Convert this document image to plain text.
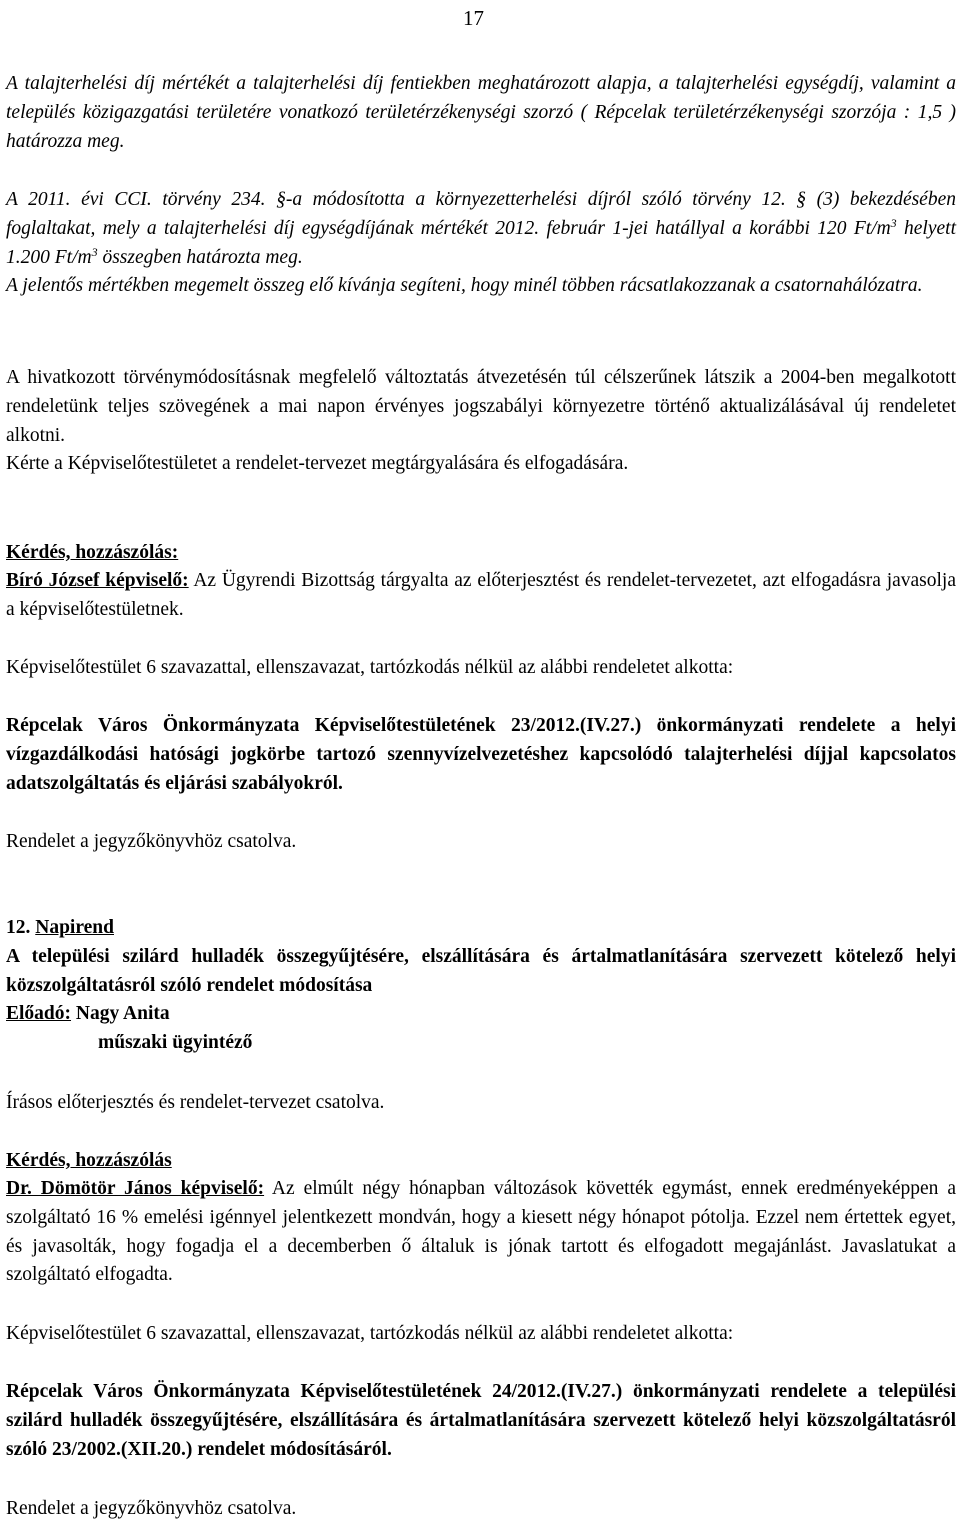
17

A talajterhelési díj mértékét a talajterhelési díj fentiekben meghatározott alapja, a talajterhelési egységdíj, valamint a település közigazgatási területére vonatkozó területérzékenységi szorzó ( Répcelak területérzékenységi szorzója : 1,5 ) határozza meg.

A 2011. évi CCI. törvény 234. §-a módosította a környezetterhelési díjról szóló törvény 12. § (3) bekezdésében foglaltakat, mely a talajterhelési díj egységdíjának mértékét 2012. február 1-jei hatállyal a korábbi 120 $Ft/m^3$ helyett 1.200 $Ft/m^3$ összegben határozta meg.

A jelentős mértékben megemelt összeg elő kívánja segíteni, hogy minél többen rácsatlakozzanak a csatornahálózatra.

A hivatkozott törvénymódosításnak megfelelő változtatás átvezetésén túl célszerűnek látszik a 2004-ben megalkotott rendeletünk teljes szövegének a mai napon érvényes jogszabályi környezetre történő aktualizálásával új rendeletet alkotni.

Kérte a Képviselőtestületet a rendelet-tervezet megtárgyalására és elfogadására.

Kérdés, hozzászólás:

Bíró József képviselő: Az Ügyrendi Bizottság tárgyalta az előterjesztést és rendelet-tervezetet, azt elfogadásra javasolja a képviselőtestületnek.

Képviselőtestület 6 szavazattal, ellenszavazat, tartózkodás nélkül az alábbi rendeletet alkotta:

Répcelak Város Önkormányzata Képviselőtestületének 23/2012.(IV.27.) önkormányzati rendelete a helyi vízgazdálkodási hatósági jogkörbe tartozó szennyvízelvezetéshez kapcsolódó talajterhelési díjjal kapcsolatos adatszolgáltatás és eljárási szabályokról.

Rendelet a jegyzőkönyvhöz csatolva.

12. Napirend

A települési szilárd hulladék összegyűjtésére, elszállítására és ártalmatlanítására szervezett kötelező helyi közszolgáltatásról szóló rendelet módosítása

Előadó: Nagy Anita

műszaki ügyintéző

Írásos előterjesztés és rendelet-tervezet csatolva.

Kérdés, hozzászólás

Dr. Dömötör János képviselő: Az elmúlt négy hónapban változások követték egymást, ennek eredményeképpen a szolgáltató 16 % emelési igénnyel jelentkezett mondván, hogy a kiesett négy hónapot pótolja. Ezzel nem értettek egyet, és javasolták, hogy fogadja el a decemberben ő általuk is jónak tartott és elfogadott megajánlást. Javaslatukat a szolgáltató elfogadta.

Képviselőtestület 6 szavazattal, ellenszavazat, tartózkodás nélkül az alábbi rendeletet alkotta:

Répcelak Város Önkormányzata Képviselőtestületének 24/2012.(IV.27.) önkormányzati rendelete a települési szilárd hulladék összegyűjtésére, elszállítására és ártalmatlanítására szervezett kötelező helyi közszolgáltatásról szóló 23/2002.(XII.20.) rendelet módosításáról.

Rendelet a jegyzőkönyvhöz csatolva.
